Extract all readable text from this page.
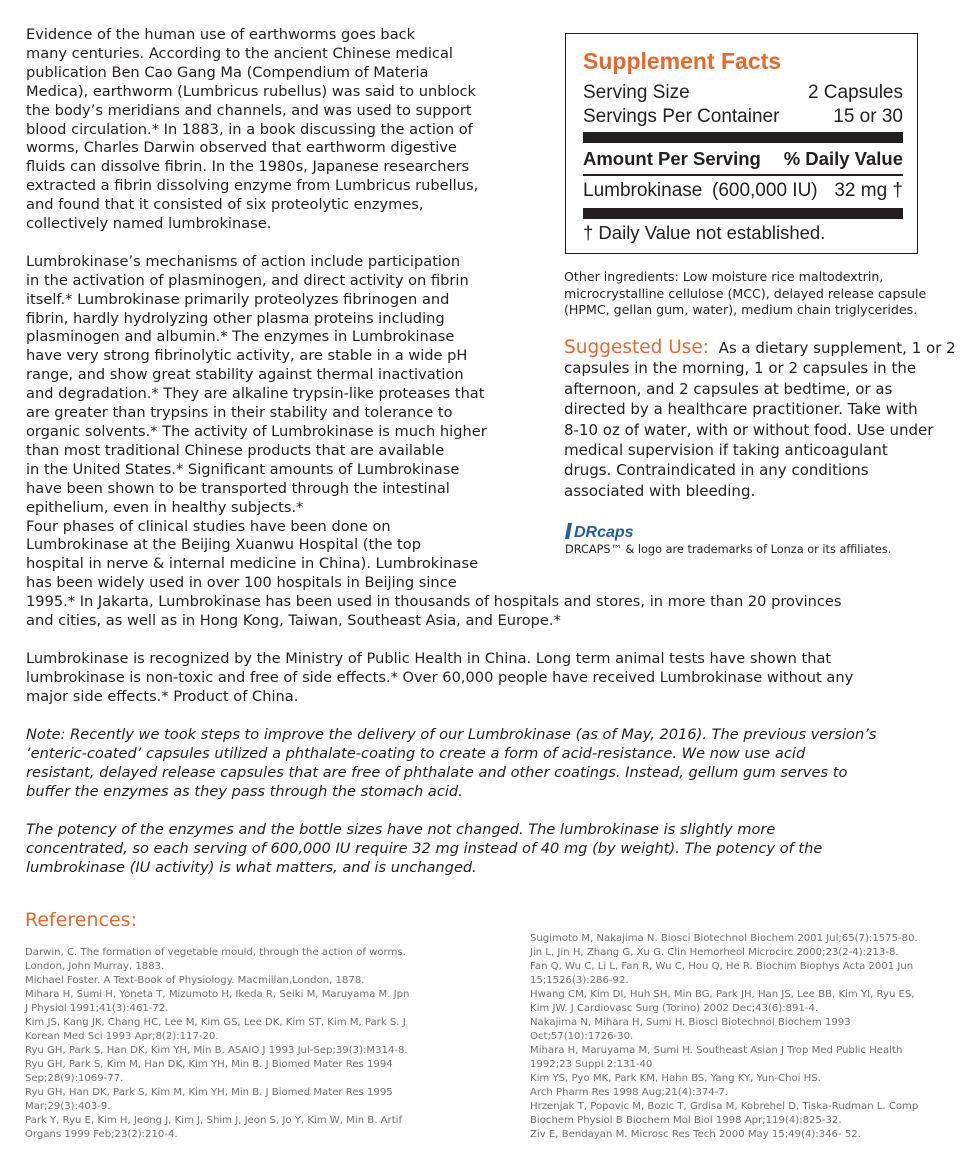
Evidence of the human use of earthworms goes back

many centuries. According to the ancient Chinese medical

publication Ben Cao Gang Ma (Compendium of Materia

Medica), earthworm (Lumbricus rubellus) was said to unblock

the body’s meridians and channels, and was used to support

blood circulation.* In 1883, in a book discussing the action of

worms, Charles Darwin observed that earthworm digestive

fluids can dissolve fibrin. In the 1980s, Japanese researchers

extracted a fibrin dissolving enzyme from Lumbricus rubellus,

and found that it consisted of six proteolytic enzymes,

collectively named lumbrokinase.

Lumbrokinase’s mechanisms of action include participation

in the activation of plasminogen, and direct activity on fibrin

itself.* Lumbrokinase primarily proteolyzes fibrinogen and

fibrin, hardly hydrolyzing other plasma proteins including

plasminogen and albumin.* The enzymes in Lumbrokinase

have very strong fibrinolytic activity, are stable in a wide pH

range, and show great stability against thermal inactivation

and degradation.* They are alkaline trypsin-like proteases that

are greater than trypsins in their stability and tolerance to

organic solvents.* The activity of Lumbrokinase is much higher

than most traditional Chinese products that are available

in the United States.* Significant amounts of Lumbrokinase

have been shown to be transported through the intestinal

epithelium, even in healthy subjects.*

Four phases of clinical studies have been done on

Lumbrokinase at the Beijing Xuanwu Hospital (the top

hospital in nerve & internal medicine in China). Lumbrokinase

has been widely used in over 100 hospitals in Beijing since

1995.* In Jakarta, Lumbrokinase has been used in thousands of hospitals and stores, in more than 20 provinces

and cities, as well as in Hong Kong, Taiwan, Southeast Asia, and Europe.*

Lumbrokinase is recognized by the Ministry of Public Health in China. Long term animal tests have shown that

lumbrokinase is non-toxic and free of side effects.* Over 60,000 people have received Lumbrokinase without any

major side effects.* Product of China.

Note: Recently we took steps to improve the delivery of our Lumbrokinase (as of May, 2016). The previous version’s

‘enteric-coated’ capsules utilized a phthalate-coating to create a form of acid-resistance. We now use acid

resistant, delayed release capsules that are free of phthalate and other coatings. Instead, gellum gum serves to

buffer the enzymes as they pass through the stomach acid.

The potency of the enzymes and the bottle sizes have not changed. The lumbrokinase is slightly more

concentrated, so each serving of 600,000 IU require 32 mg instead of 40 mg (by weight). The potency of the

lumbrokinase (IU activity) is what matters, and is unchanged.

Supplement Facts
Serving Size	2 Capsules
Servings Per Container	15 or 30
Amount Per Serving % Daily Value
Lumbrokinase (600,000 IU) 32 mg †
† Daily Value not established.
Other ingredients: Low moisture rice maltodextrin,
microcrystalline cellulose (MCC), delayed release capsule
(HPMC, gellan gum, water), medium chain triglycerides.
Suggested Use: As a dietary supplement, 1 or 2
capsules in the morning, 1 or 2 capsules in the
afternoon, and 2 capsules at bedtime, or as
directed by a healthcare practitioner. Take with
8-10 oz of water, with or without food. Use under
medical supervision if taking anticoagulant
drugs. Contraindicated in any conditions
associated with bleeding.
DRcaps
DRCAPS™ & logo are trademarks of Lonza or its affiliates.
References:
Darwin, C. The formation of vegetable mould, through the action of worms.
London, John Murray, 1883.
Michael Foster. A Text-Book of Physiology. Macmillan,London, 1878.
Mihara H, Sumi H, Yoneta T, Mizumoto H, Ikeda R, Seiki M, Maruyama M. Jpn
J Physiol 1991;41(3):461-72.
Kim JS, Kang JK, Chang HC, Lee M, Kim GS, Lee DK, Kim ST, Kim M, Park S. J
Korean Med Sci 1993 Apr;8(2):117-20.
Ryu GH, Park S, Han DK, Kim YH, Min B. ASAIO J 1993 Jul-Sep;39(3):M314-8.
Ryu GH, Park S, Kim M, Han DK, Kim YH, Min B. J Biomed Mater Res 1994
Sep;28(9):1069-77.
Ryu GH, Han DK, Park S, Kim M, Kim YH, Min B. J Biomed Mater Res 1995
Mar;29(3):403-9.
Park Y, Ryu E, Kim H, Jeong J, Kim J, Shim J, Jeon S, Jo Y, Kim W, Min B. Artif
Organs 1999 Feb;23(2):210-4.
Sugimoto M, Nakajima N. Biosci Biotechnol Biochem 2001 Jul;65(7):1575-80.
Jin L, Jin H, Zhang G, Xu G. Clin Hemorheol Microcirc 2000;23(2-4):213-8.
Fan Q, Wu C, Li L, Fan R, Wu C, Hou Q, He R. Biochim Biophys Acta 2001 Jun
15;1526(3):286-92.
Hwang CM, Kim DI, Huh SH, Min BG, Park JH, Han JS, Lee BB, Kim YI, Ryu ES,
Kim JW. J Cardiovasc Surg (Torino) 2002 Dec;43(6):891-4.
Nakajima N, Mihara H, Sumi H. Biosci Biotechnol Biochem 1993
Oct;57(10):1726-30.
Mihara H, Maruyama M, Sumi H. Southeast Asian J Trop Med Public Health
1992;23 Suppl 2:131-40
Kim YS, Pyo MK, Park KM, Hahn BS, Yang KY, Yun-Choi HS.
Arch Pharm Res 1998 Aug;21(4):374-7.
Hrzenjak T, Popovic M, Bozic T, Grdisa M, Kobrehel D, Tiska-Rudman L. Comp
Biochem Physiol B Biochem Mol Biol 1998 Apr;119(4):825-32.
Ziv E, Bendayan M. Microsc Res Tech 2000 May 15;49(4):346- 52.
